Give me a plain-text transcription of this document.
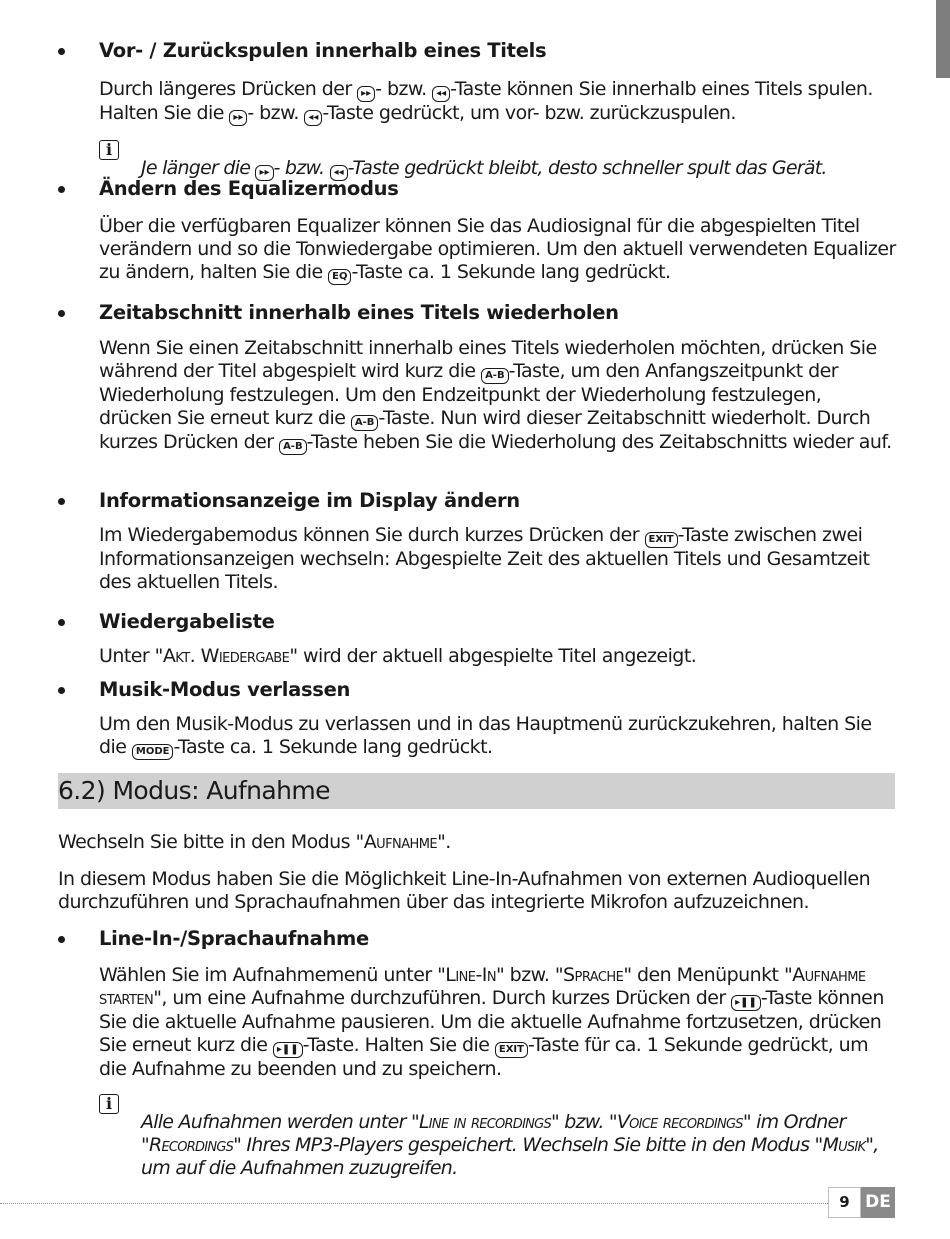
Vor- / Zurückspulen innerhalb eines Titels

Durch längeres Drücken der ▸▸ - bzw. ◂◂ -Taste können Sie innerhalb eines Titels spulen. Halten Sie die ▸▸ - bzw. ◂◂ -Taste gedrückt, um vor- bzw. zurückzuspulen.

i

Je länger die ▸▸ - bzw. ◂◂ -Taste gedrückt bleibt, desto schneller spult das Gerät.

Ändern des Equalizermodus

Über die verfügbaren Equalizer können Sie das Audiosignal für die abgespielten Titel verändern und so die Tonwiedergabe optimieren. Um den aktuell verwendeten Equalizer zu ändern, halten Sie die EQ -Taste ca. 1 Sekunde lang gedrückt.

Zeitabschnitt innerhalb eines Titels wiederholen

Wenn Sie einen Zeitabschnitt innerhalb eines Titels wiederholen möchten, drücken Sie während der Titel abgespielt wird kurz die A-B -Taste, um den Anfangszeitpunkt der Wiederholung festzulegen. Um den Endzeitpunkt der Wiederholung festzulegen, drücken Sie erneut kurz die A-B -Taste. Nun wird dieser Zeitabschnitt wiederholt. Durch kurzes Drücken der A-B -Taste heben Sie die Wiederholung des Zeitabschnitts wieder auf.

Informationsanzeige im Display ändern

Im Wiedergabemodus können Sie durch kurzes Drücken der EXIT -Taste zwischen zwei Informationsanzeigen wechseln: Abgespielte Zeit des aktuellen Titels und Gesamtzeit des aktuellen Titels.

Wiedergabeliste

Unter "Akt. Wiedergabe" wird der aktuell abgespielte Titel angezeigt.

Musik-Modus verlassen

Um den Musik-Modus zu verlassen und in das Hauptmenü zurückzukehren, halten Sie die MODE -Taste ca. 1 Sekunde lang gedrückt.

6.2) Modus: Aufnahme

Wechseln Sie bitte in den Modus "Aufnahme".

In diesem Modus haben Sie die Möglichkeit Line-In-Aufnahmen von externen Audioquellen durchzuführen und Sprachaufnahmen über das integrierte Mikrofon aufzuzeichnen.

Line-In-/Sprachaufnahme

Wählen Sie im Aufnahmemenü unter "Line-In" bzw. "Sprache" den Menüpunkt "Aufnahme starten", um eine Aufnahme durchzuführen. Durch kurzes Drücken der ▸❚❚ -Taste können Sie die aktuelle Aufnahme pausieren. Um die aktuelle Aufnahme fortzusetzen, drücken Sie erneut kurz die ▸❚❚ -Taste. Halten Sie die EXIT -Taste für ca. 1 Sekunde gedrückt, um die Aufnahme zu beenden und zu speichern.

i

Alle Aufnahmen werden unter "Line in recordings" bzw. "Voice recordings" im Ordner "Recordings" Ihres MP3-Players gespeichert. Wechseln Sie bitte in den Modus "Musik", um auf die Aufnahmen zuzugreifen.

9 DE
